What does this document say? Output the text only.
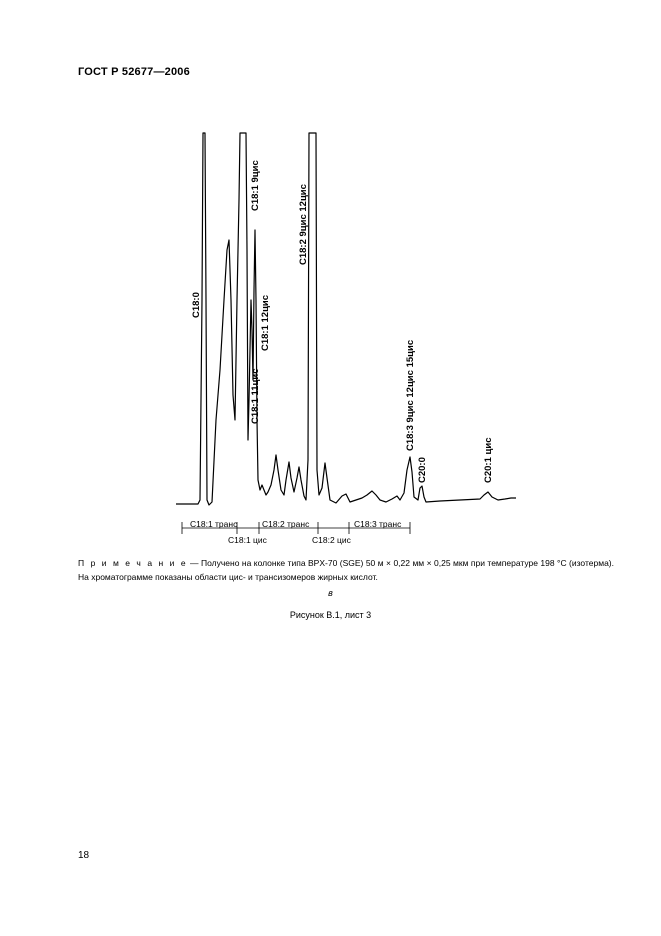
ГОСТ Р 52677—2006
C18:0
C18:1 9цис
C18:1 12цис
C18:1 11цис
C18:2 9цис 12цис
C18:3 9цис 12цис 15цис
C20:0	C20:1 цис
C18:1 транс
C18:1 цис
C18:2 транс
C18:2 цис
C18:3 транс
П р и м е ч а н и е — Получено на колонке типа BPX-70 (SGE) 50 м × 0,22 мм × 0,25 мкм при температуре 198 °C (изотерма). На хроматограмме показаны области цис- и трансизомеров жирных кислот.
в
Рисунок В.1, лист 3
18
